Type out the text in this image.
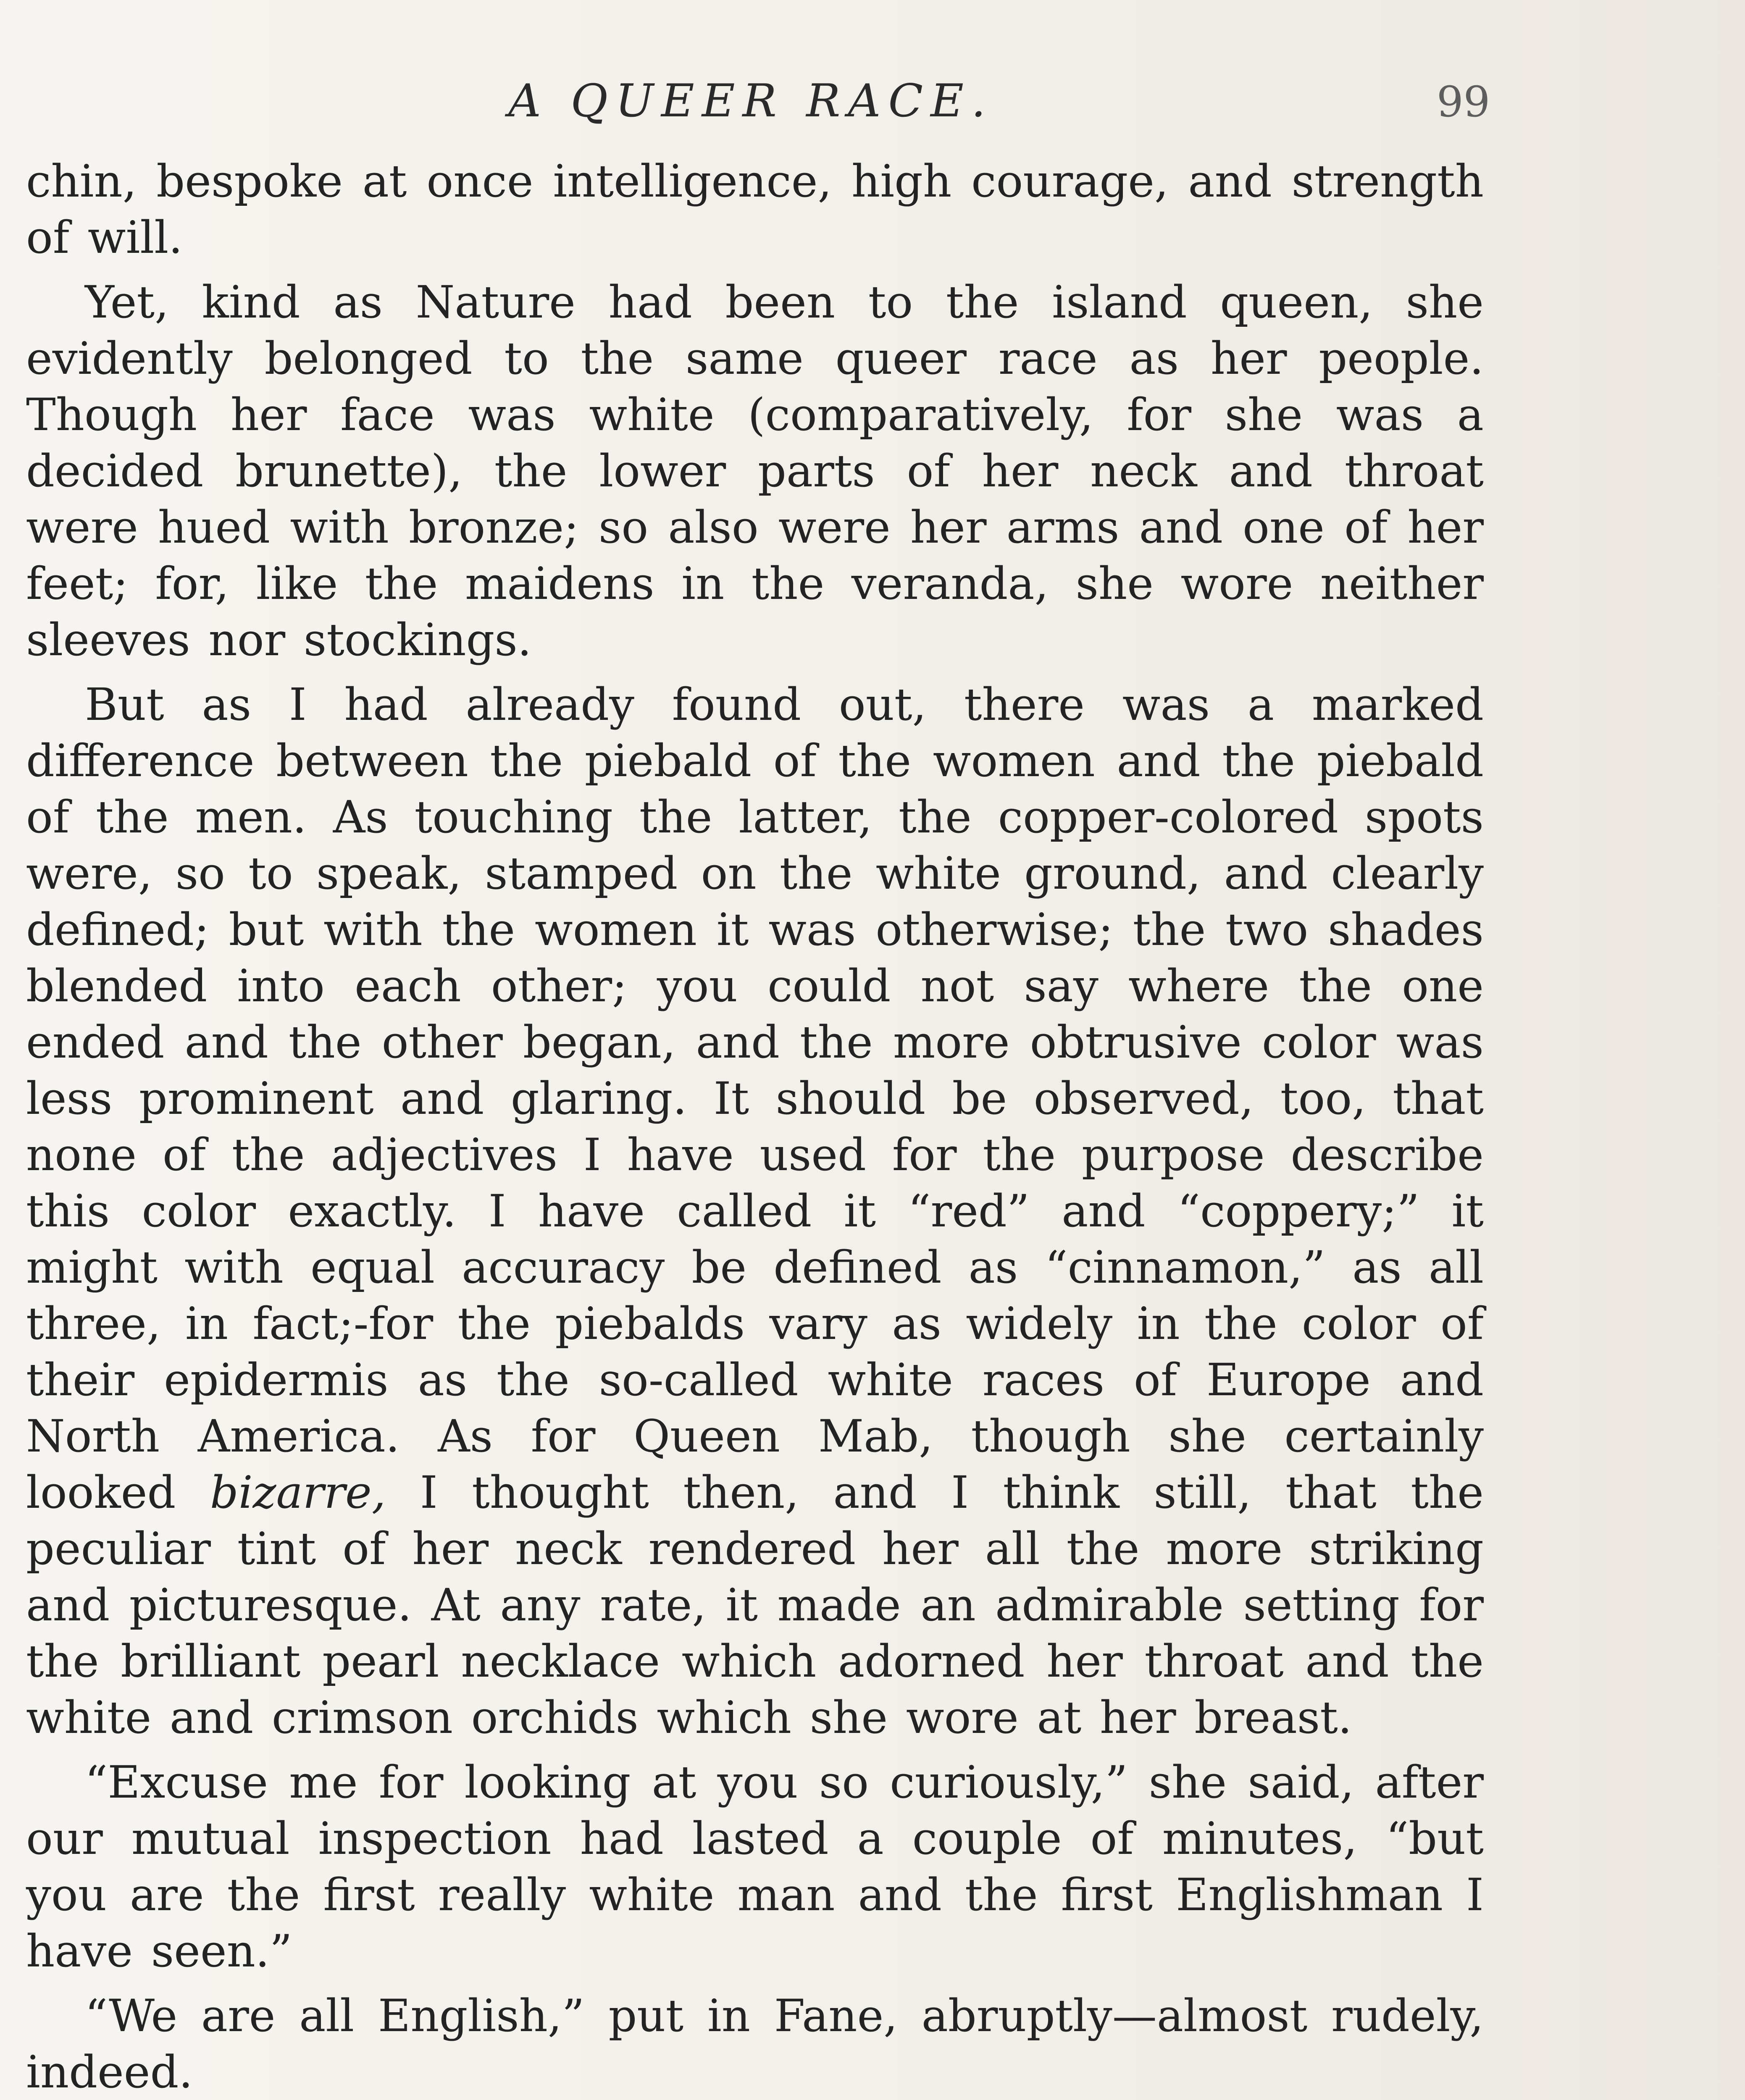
A QUEER RACE.	99

chin, bespoke at once intelligence, high courage, and strength of will.

Yet, kind as Nature had been to the island queen, she evidently belonged to the same queer race as her people. Though her face was white (comparatively, for she was a decided brunette), the lower parts of her neck and throat were hued with bronze; so also were her arms and one of her feet; for, like the maidens in the veranda, she wore neither sleeves nor stockings.

But as I had already found out, there was a marked difference between the piebald of the women and the piebald of the men. As touching the latter, the copper-colored spots were, so to speak, stamped on the white ground, and clearly defined; but with the women it was otherwise; the two shades blended into each other; you could not say where the one ended and the other began, and the more obtrusive color was less prominent and glaring. It should be observed, too, that none of the adjectives I have used for the purpose describe this color exactly. I have called it “red” and “coppery;” it might with equal accuracy be defined as “cinnamon,” as all three, in fact;-for the piebalds vary as widely in the color of their epidermis as the so-called white races of Europe and North America. As for Queen Mab, though she certainly looked bizarre, I thought then, and I think still, that the peculiar tint of her neck rendered her all the more striking and picturesque. At any rate, it made an admirable setting for the brilliant pearl necklace which adorned her throat and the white and crimson orchids which she wore at her breast.

“Excuse me for looking at you so curiously,” she said, after our mutual inspection had lasted a couple of minutes, “but you are the first really white man and the first Englishman I have seen.”

“We are all English,” put in Fane, abruptly—almost rudely, indeed.
